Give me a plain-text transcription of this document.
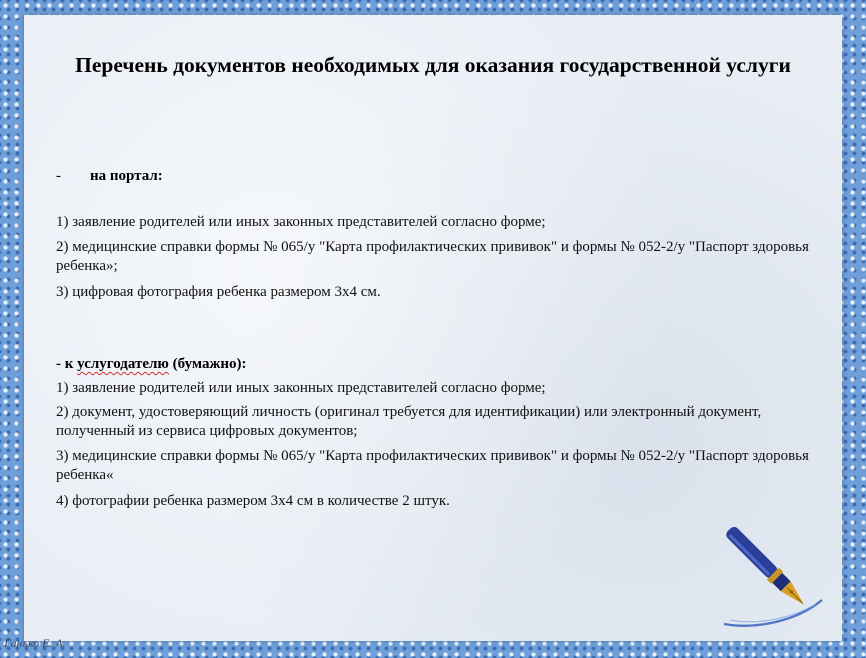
Перечень документов необходимых для оказания государственной услуги

- на портал:

1) заявление родителей или иных законных представителей согласно форме;

2) медицинские справки формы № 065/у "Карта профилактических прививок" и формы № 052-2/у "Паспорт здоровья ребенка»;

3) цифровая фотография ребенка размером 3х4 см.

- к услугодателю (бумажно):

1) заявление родителей или иных законных представителей согласно форме;

2) документ, удостоверяющий личность (оригинал требуется для идентификации) или электронный документ, полученный из сервиса цифровых документов;

3) медицинские справки формы № 065/у "Карта профилактических прививок" и формы № 052-2/у "Паспорт здоровья ребенка«

4) фотографии ребенка размером 3х4 см в количестве 2 штук.

Ганько Е. А.
